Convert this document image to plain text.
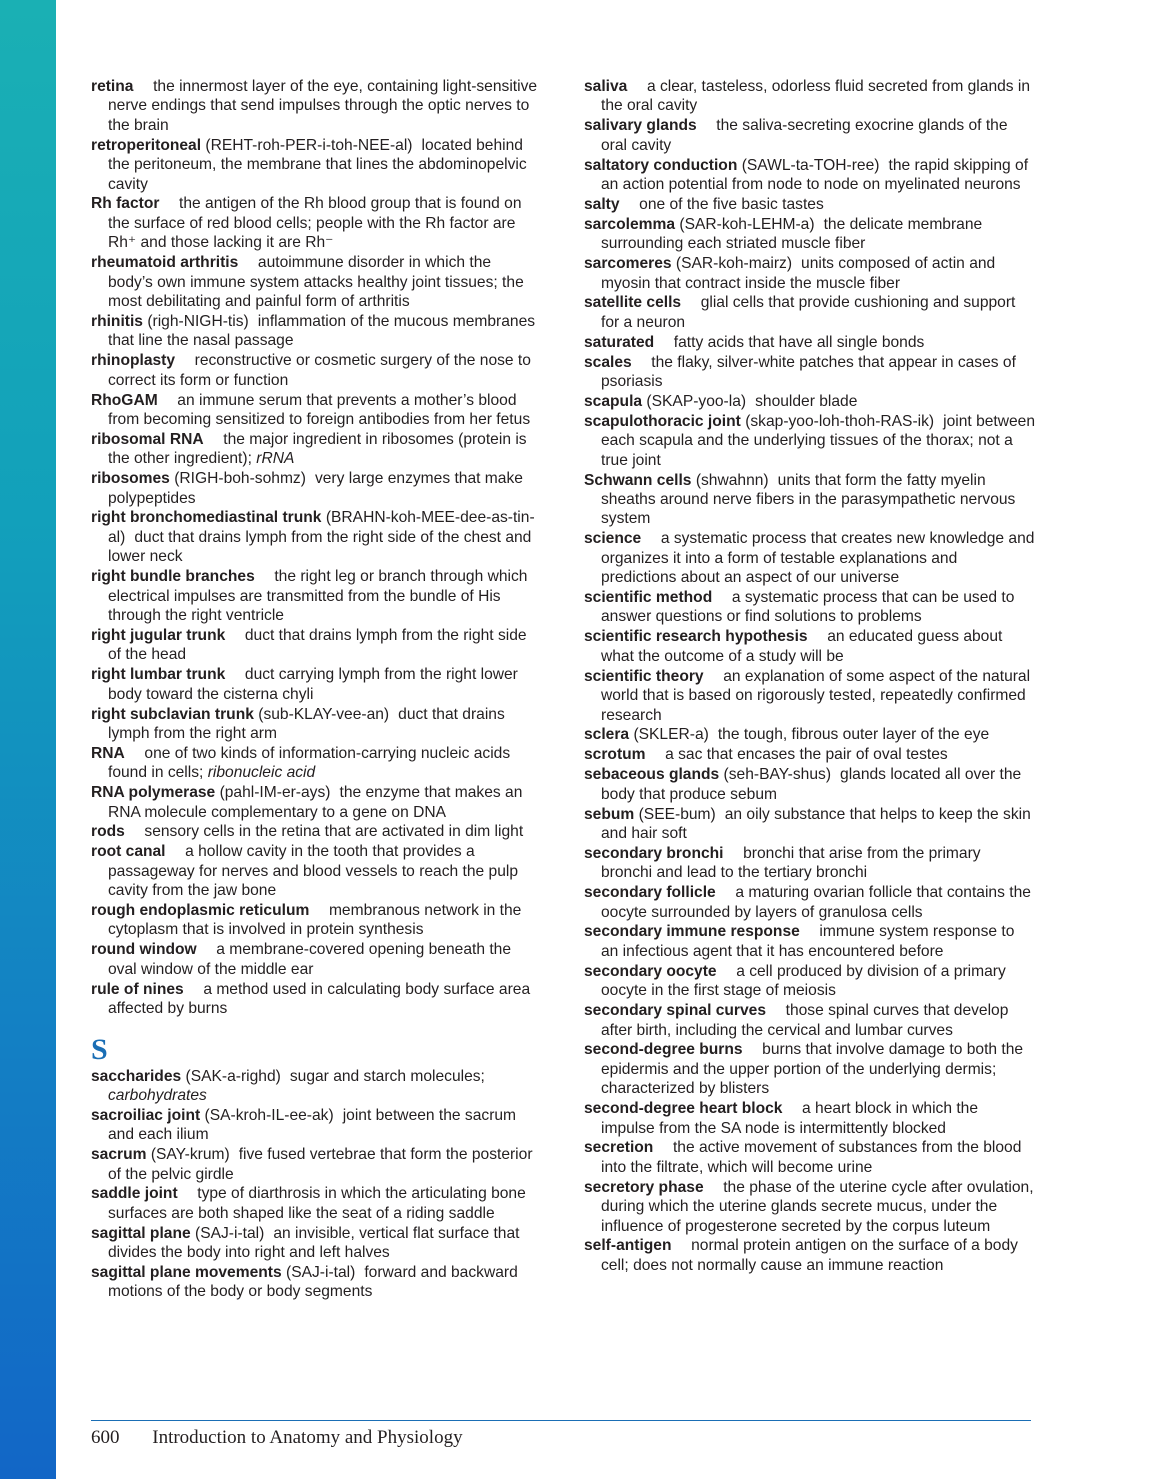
retina the innermost layer of the eye, containing light-sensitive nerve endings that send impulses through the optic nerves to the brain
retroperitoneal (REHT-roh-PER-i-toh-NEE-al) located behind the peritoneum, the membrane that lines the abdominopelvic cavity
Rh factor the antigen of the Rh blood group that is found on the surface of red blood cells; people with the Rh factor are Rh⁺ and those lacking it are Rh⁻
rheumatoid arthritis autoimmune disorder in which the body’s own immune system attacks healthy joint tissues; the most debilitating and painful form of arthritis
rhinitis (righ-NIGH-tis) inflammation of the mucous membranes that line the nasal passage
rhinoplasty reconstructive or cosmetic surgery of the nose to correct its form or function
RhoGAM an immune serum that prevents a mother’s blood from becoming sensitized to foreign antibodies from her fetus
ribosomal RNA the major ingredient in ribosomes (protein is the other ingredient); rRNA
ribosomes (RIGH-boh-sohmz) very large enzymes that make polypeptides
right bronchomediastinal trunk (BRAHN-koh-MEE-dee-as-tin-al) duct that drains lymph from the right side of the chest and lower neck
right bundle branches the right leg or branch through which electrical impulses are transmitted from the bundle of His through the right ventricle
right jugular trunk duct that drains lymph from the right side of the head
right lumbar trunk duct carrying lymph from the right lower body toward the cisterna chyli
right subclavian trunk (sub-KLAY-vee-an) duct that drains lymph from the right arm
RNA one of two kinds of information-carrying nucleic acids found in cells; ribonucleic acid
RNA polymerase (pahl-IM-er-ays) the enzyme that makes an RNA molecule complementary to a gene on DNA
rods sensory cells in the retina that are activated in dim light
root canal a hollow cavity in the tooth that provides a passageway for nerves and blood vessels to reach the pulp cavity from the jaw bone
rough endoplasmic reticulum membranous network in the cytoplasm that is involved in protein synthesis
round window a membrane-covered opening beneath the oval window of the middle ear
rule of nines a method used in calculating body surface area affected by burns
S
saccharides (SAK-a-righd) sugar and starch molecules; carbohydrates
sacroiliac joint (SA-kroh-IL-ee-ak) joint between the sacrum and each ilium
sacrum (SAY-krum) five fused vertebrae that form the posterior of the pelvic girdle
saddle joint type of diarthrosis in which the articulating bone surfaces are both shaped like the seat of a riding saddle
sagittal plane (SAJ-i-tal) an invisible, vertical flat surface that divides the body into right and left halves
sagittal plane movements (SAJ-i-tal) forward and backward motions of the body or body segments
saliva a clear, tasteless, odorless fluid secreted from glands in the oral cavity
salivary glands the saliva-secreting exocrine glands of the oral cavity
saltatory conduction (SAWL-ta-TOH-ree) the rapid skipping of an action potential from node to node on myelinated neurons
salty one of the five basic tastes
sarcolemma (SAR-koh-LEHM-a) the delicate membrane surrounding each striated muscle fiber
sarcomeres (SAR-koh-mairz) units composed of actin and myosin that contract inside the muscle fiber
satellite cells glial cells that provide cushioning and support for a neuron
saturated fatty acids that have all single bonds
scales the flaky, silver-white patches that appear in cases of psoriasis
scapula (SKAP-yoo-la) shoulder blade
scapulothoracic joint (skap-yoo-loh-thoh-RAS-ik) joint between each scapula and the underlying tissues of the thorax; not a true joint
Schwann cells (shwahnn) units that form the fatty myelin sheaths around nerve fibers in the parasympathetic nervous system
science a systematic process that creates new knowledge and organizes it into a form of testable explanations and predictions about an aspect of our universe
scientific method a systematic process that can be used to answer questions or find solutions to problems
scientific research hypothesis an educated guess about what the outcome of a study will be
scientific theory an explanation of some aspect of the natural world that is based on rigorously tested, repeatedly confirmed research
sclera (SKLER-a) the tough, fibrous outer layer of the eye
scrotum a sac that encases the pair of oval testes
sebaceous glands (seh-BAY-shus) glands located all over the body that produce sebum
sebum (SEE-bum) an oily substance that helps to keep the skin and hair soft
secondary bronchi bronchi that arise from the primary bronchi and lead to the tertiary bronchi
secondary follicle a maturing ovarian follicle that contains the oocyte surrounded by layers of granulosa cells
secondary immune response immune system response to an infectious agent that it has encountered before
secondary oocyte a cell produced by division of a primary oocyte in the first stage of meiosis
secondary spinal curves those spinal curves that develop after birth, including the cervical and lumbar curves
second-degree burns burns that involve damage to both the epidermis and the upper portion of the underlying dermis; characterized by blisters
second-degree heart block a heart block in which the impulse from the SA node is intermittently blocked
secretion the active movement of substances from the blood into the filtrate, which will become urine
secretory phase the phase of the uterine cycle after ovulation, during which the uterine glands secrete mucus, under the influence of progesterone secreted by the corpus luteum
self-antigen normal protein antigen on the surface of a body cell; does not normally cause an immune reaction
600 Introduction to Anatomy and Physiology
